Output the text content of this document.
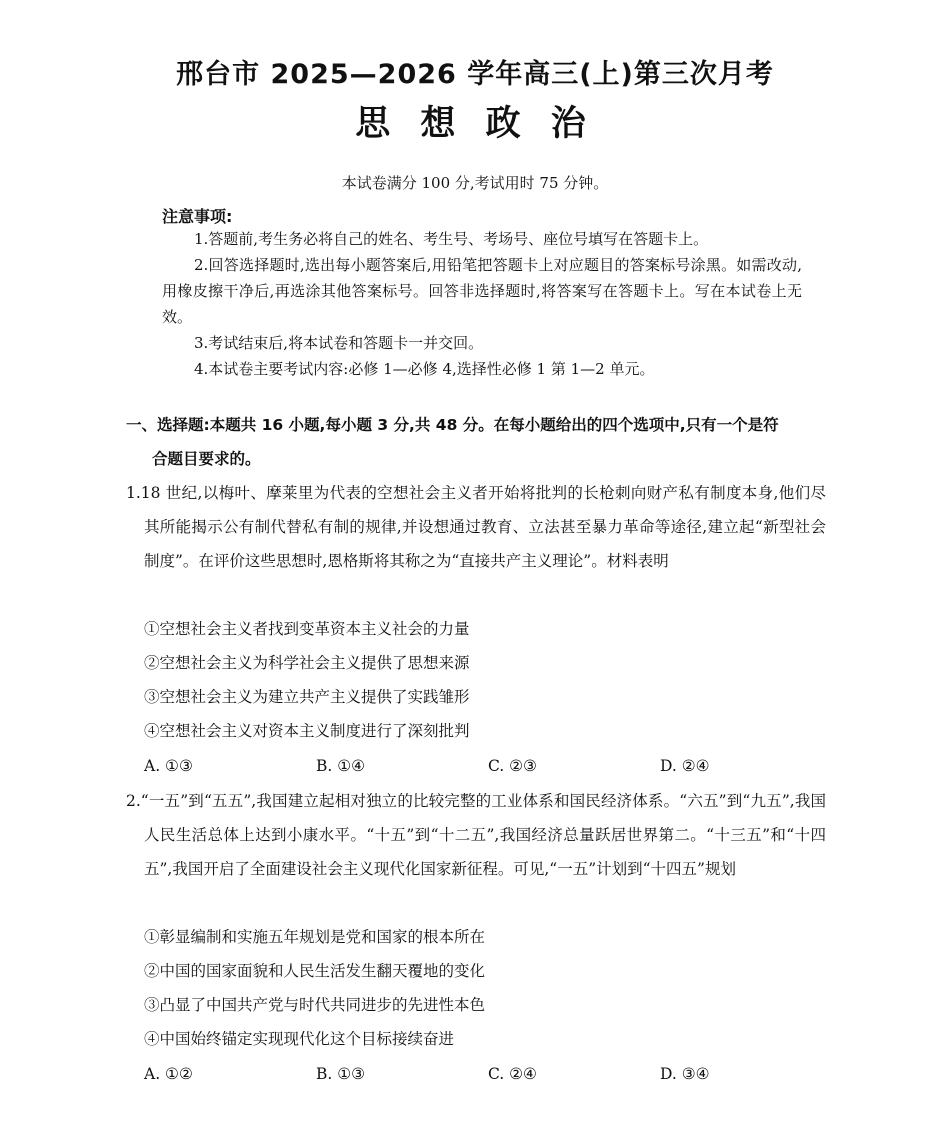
邢台市 2025—2026 学年高三(上)第三次月考
思 想 政 治
本试卷满分 100 分,考试用时 75 分钟。
注意事项:
1.答题前,考生务必将自己的姓名、考生号、考场号、座位号填写在答题卡上。
2.回答选择题时,选出每小题答案后,用铅笔把答题卡上对应题目的答案标号涂黑。如需改动,用橡皮擦干净后,再选涂其他答案标号。回答非选择题时,将答案写在答题卡上。写在本试卷上无效。
3.考试结束后,将本试卷和答题卡一并交回。
4.本试卷主要考试内容:必修 1—必修 4,选择性必修 1 第 1—2 单元。
一、选择题:本题共 16 小题,每小题 3 分,共 48 分。在每小题给出的四个选项中,只有一个是符
合题目要求的。
1.18 世纪,以梅叶、摩莱里为代表的空想社会主义者开始将批判的长枪刺向财产私有制度本身,他们尽其所能揭示公有制代替私有制的规律,并设想通过教育、立法甚至暴力革命等途径,建立起“新型社会制度”。在评价这些思想时,恩格斯将其称之为“直接共产主义理论”。材料表明
①空想社会主义者找到变革资本主义社会的力量
②空想社会主义为科学社会主义提供了思想来源
③空想社会主义为建立共产主义提供了实践雏形
④空想社会主义对资本主义制度进行了深刻批判
A. ①③	B. ①④	C. ②③	D. ②④
2.“一五”到“五五”,我国建立起相对独立的比较完整的工业体系和国民经济体系。“六五”到“九五”,我国人民生活总体上达到小康水平。“十五”到“十二五”,我国经济总量跃居世界第二。“十三五”和“十四五”,我国开启了全面建设社会主义现代化国家新征程。可见,“一五”计划到“十四五”规划
①彰显编制和实施五年规划是党和国家的根本所在
②中国的国家面貌和人民生活发生翻天覆地的变化
③凸显了中国共产党与时代共同进步的先进性本色
④中国始终锚定实现现代化这个目标接续奋进
A. ①②	B. ①③	C. ②④	D. ③④
